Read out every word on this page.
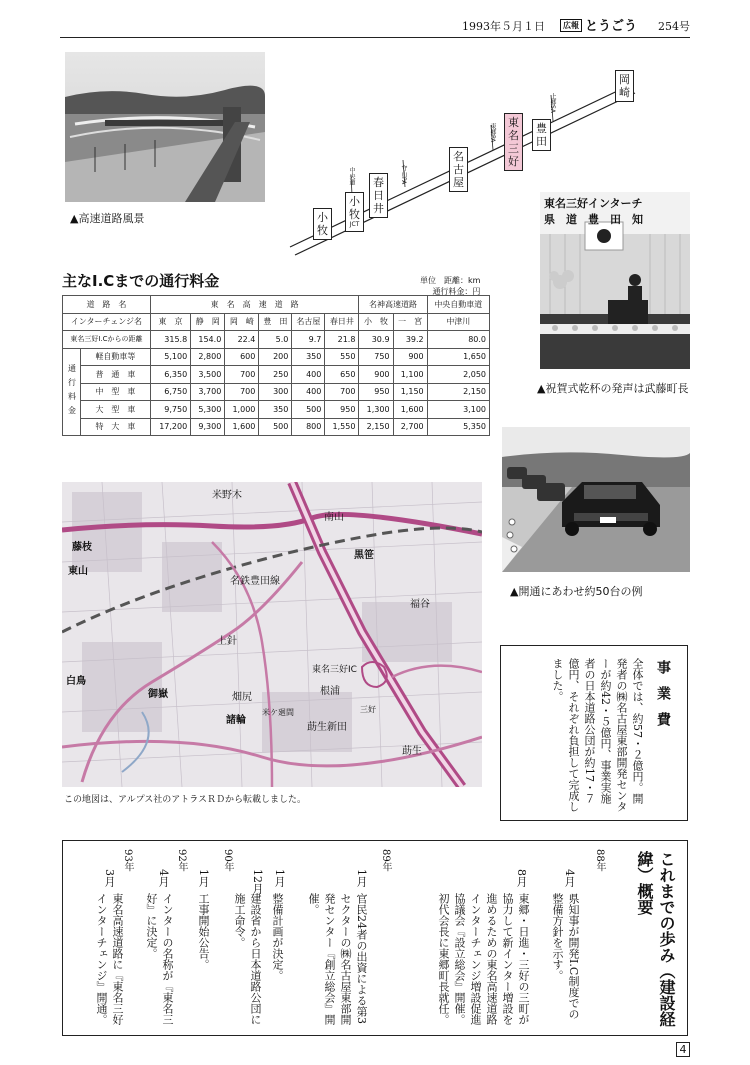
1993年５月１日	広報 とうごう 254号
▲高速道路風景	小牧
小牧
JCT
春日井
名古屋
東名三好
豊田
岡崎
守山PA
中央道
東郷PA
上郷SA
東名三好インターチ
県　道　豊　田　知
▲祝賀式乾杯の発声は武藤町長
主なI.Cまでの通行料金	単位　距離：km
通行料金：円
道　路　名		東　名　高　速　道　路						名神高速道路		中央自動車道
インターチェンジ名		東　京	静　岡	岡　崎	豊　田	名古屋	春日井	小　牧	一　宮	中津川
東名三好I.Cからの距離		315.8	154.0	22.4	5.0	9.7	21.8	30.9	39.2	80.0
通行料金	軽自動車等	5,100	2,800	600	200	350	550	750	900	1,650
	普　通　車	6,350	3,500	700	250	400	650	900	1,100	2,050
	中　型　車	6,750	3,700	700	300	400	700	950	1,150	2,150
	大　型　車	9,750	5,300	1,000	350	500	950	1,300	1,600	3,100
	特　大　車	17,200	9,300	1,600	500	800	1,550	2,150	2,700	5,350
▲開通にあわせ約50台の例
米野木
南山
藤枝
東山
黒笹
名鉄豊田線
福谷
東名三好IC
白鳥
御嶽
諸輪
根浦
莇生新田
米ケ廻間	三好
上針
莇生
畑尻
この地図は、アルプス社のアトラスＲＤから転載しました。
事業費
全体では、約57・２億円。開発者の㈱名古屋東部開発センターが約42・５億円、事業実施者の日本道路公団が約17・７億円、それぞれ負担して完成しました。
これまでの歩み（建設経緯）概要
88年
4月
県知事が開発I.C制度での整備方針を示す。
8月
東郷・日進・三好の三町が協力して新インター増設を進めるための東名高速道路インターチェンジ増設促進協議会『設立総会』開催。初代会長に東郷町長就任。
89年
1月
官民24者の出資による第3セクターの㈱名古屋東部開発センター『創立総会』開催。
1月
整備計画が決定。
12月
建設省から日本道路公団に施工命令。
90年
1月
工事開始公告。
92年
4月
インターの名称が『東名三好』に決定。
93年
3月
東名高速道路に『東名三好インターチェンジ』開通。
4
